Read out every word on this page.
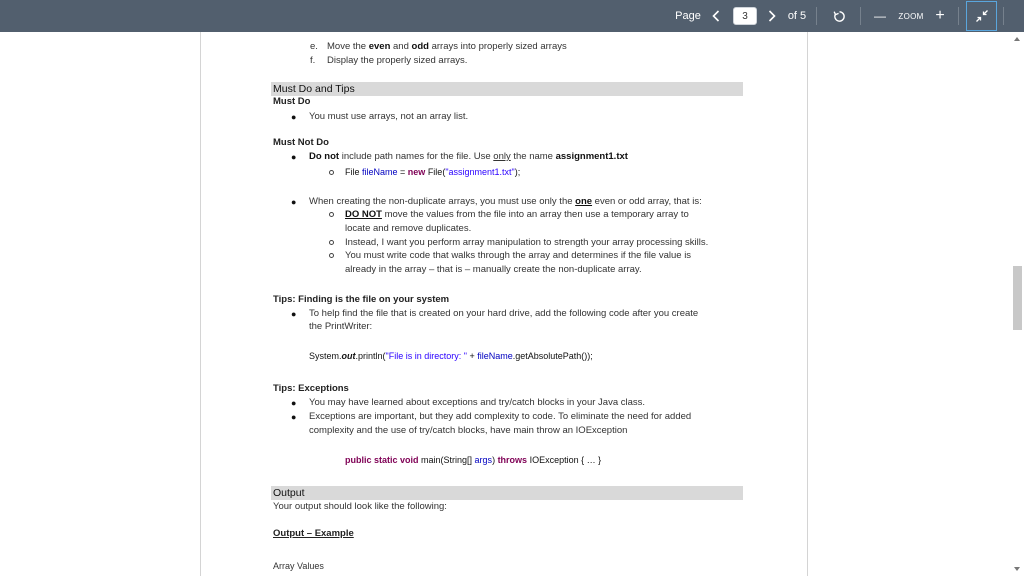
Page
3	of 5	—	ZOOM +
e. Move the even and odd arrays into properly sized arrays
f. Display the properly sized arrays.
Must Do and Tips
Must Do
● You must use arrays, not an array list.
Must Not Do
● Do not include path names for the file. Use only the name assignment1.txt
File fileName = new File("assignment1.txt");
● When creating the non-duplicate arrays, you must use only the one even or odd array, that is:
DO NOT move the values from the file into an array then use a temporary array to
locate and remove duplicates.
Instead, I want you perform array manipulation to strength your array processing skills.
You must write code that walks through the array and determines if the file value is
already in the array – that is – manually create the non-duplicate array.
Tips: Finding is the file on your system
● To help find the file that is created on your hard drive, add the following code after you create
the PrintWriter:
System.out.println("File is in directory: " + fileName.getAbsolutePath());
Tips: Exceptions
● You may have learned about exceptions and try/catch blocks in your Java class.
● Exceptions are important, but they add complexity to code. To eliminate the need for added
complexity and the use of try/catch blocks, have main throw an IOException
public static void main(String[] args) throws IOException { … }
Output
Your output should look like the following:
Output – Example
Array Values
